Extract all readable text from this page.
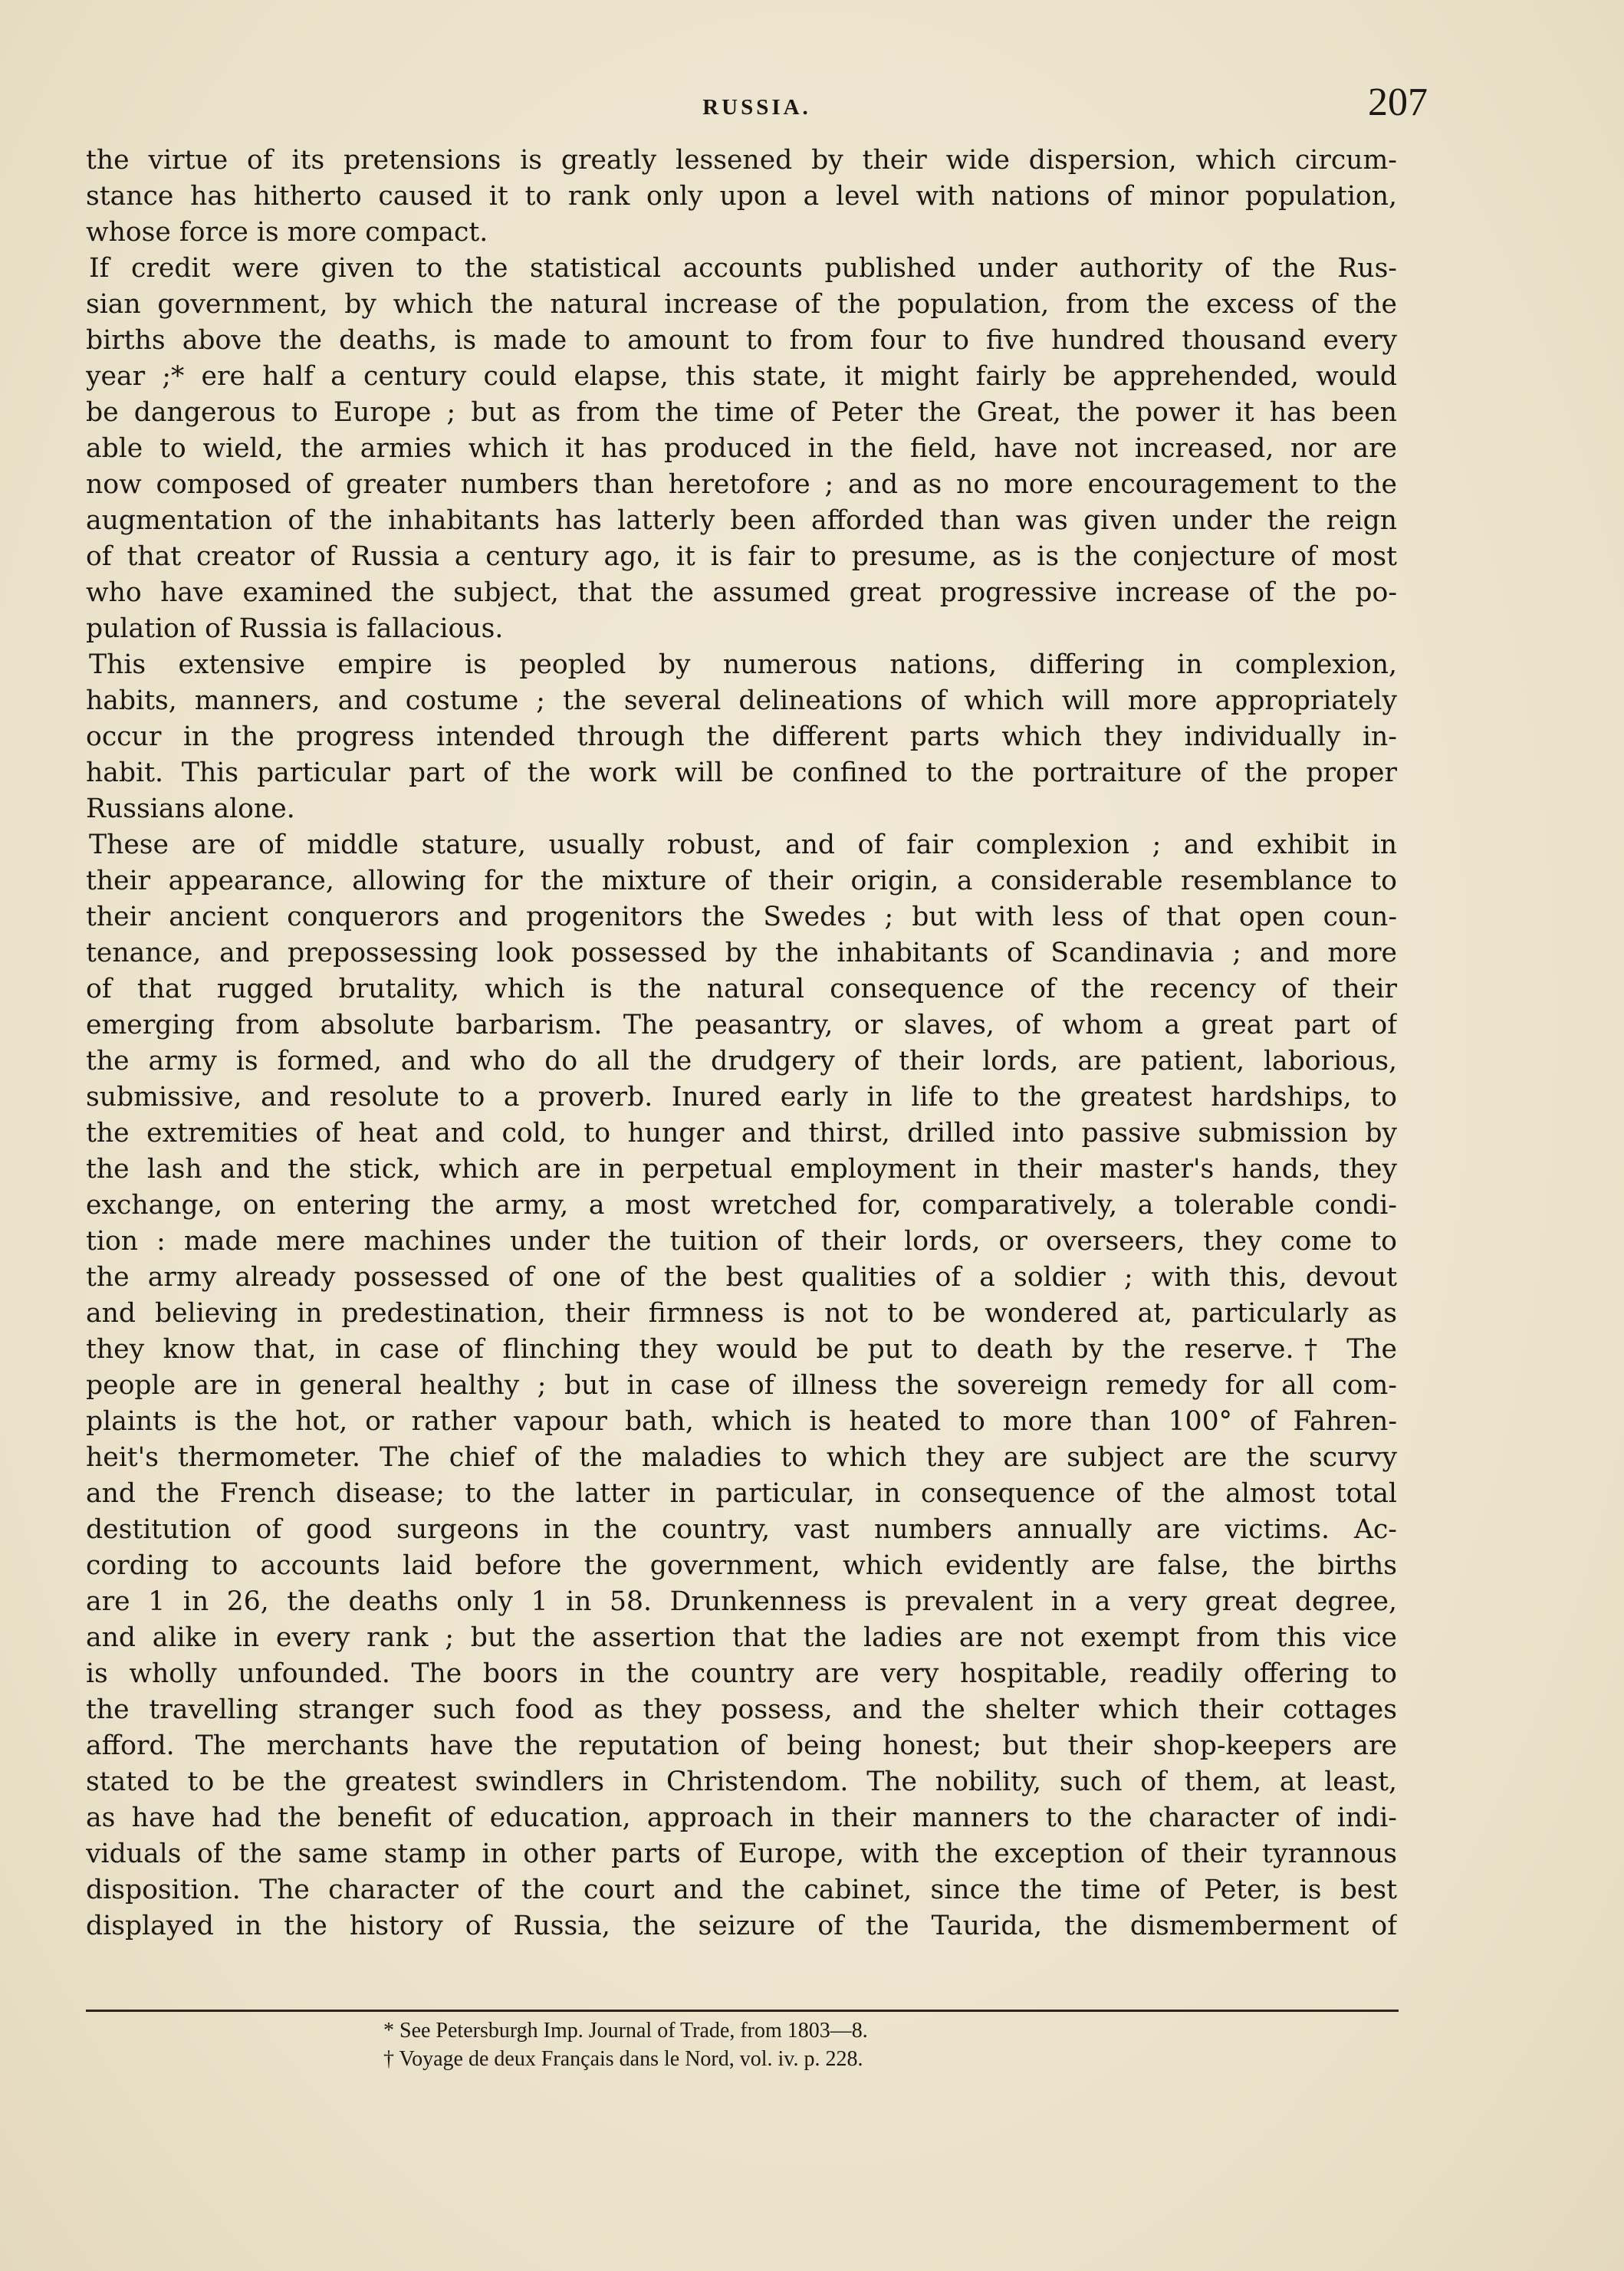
RUSSIA.	207
the virtue of its pretensions is greatly lessened by their wide dispersion, which circum-
stance has hitherto caused it to rank only upon a level with nations of minor population,
whose force is more compact.
If credit were given to the statistical accounts published under authority of the Rus-
sian government, by which the natural increase of the population, from the excess of the
births above the deaths, is made to amount to from four to five hundred thousand every
year ;* ere half a century could elapse, this state, it might fairly be apprehended, would
be dangerous to Europe ; but as from the time of Peter the Great, the power it has been
able to wield, the armies which it has produced in the field, have not increased, nor are
now composed of greater numbers than heretofore ; and as no more encouragement to the
augmentation of the inhabitants has latterly been afforded than was given under the reign
of that creator of Russia a century ago, it is fair to presume, as is the conjecture of most
who have examined the subject, that the assumed great progressive increase of the po-
pulation of Russia is fallacious.
This extensive empire is peopled by numerous nations, differing in complexion,
habits, manners, and costume ; the several delineations of which will more appropriately
occur in the progress intended through the different parts which they individually in-
habit. This particular part of the work will be confined to the portraiture of the proper
Russians alone.
These are of middle stature, usually robust, and of fair complexion ; and exhibit in
their appearance, allowing for the mixture of their origin, a considerable resemblance to
their ancient conquerors and progenitors the Swedes ; but with less of that open coun-
tenance, and prepossessing look possessed by the inhabitants of Scandinavia ; and more
of that rugged brutality, which is the natural consequence of the recency of their
emerging from absolute barbarism. The peasantry, or slaves, of whom a great part of
the army is formed, and who do all the drudgery of their lords, are patient, laborious,
submissive, and resolute to a proverb. Inured early in life to the greatest hardships, to
the extremities of heat and cold, to hunger and thirst, drilled into passive submission by
the lash and the stick, which are in perpetual employment in their master's hands, they
exchange, on entering the army, a most wretched for, comparatively, a tolerable condi-
tion : made mere machines under the tuition of their lords, or overseers, they come to
the army already possessed of one of the best qualities of a soldier ; with this, devout
and believing in predestination, their firmness is not to be wondered at, particularly as
they know that, in case of flinching they would be put to death by the reserve.† The
people are in general healthy ; but in case of illness the sovereign remedy for all com-
plaints is the hot, or rather vapour bath, which is heated to more than 100° of Fahren-
heit's thermometer. The chief of the maladies to which they are subject are the scurvy
and the French disease; to the latter in particular, in consequence of the almost total
destitution of good surgeons in the country, vast numbers annually are victims. Ac-
cording to accounts laid before the government, which evidently are false, the births
are 1 in 26, the deaths only 1 in 58. Drunkenness is prevalent in a very great degree,
and alike in every rank ; but the assertion that the ladies are not exempt from this vice
is wholly unfounded. The boors in the country are very hospitable, readily offering to
the travelling stranger such food as they possess, and the shelter which their cottages
afford. The merchants have the reputation of being honest; but their shop-keepers are
stated to be the greatest swindlers in Christendom. The nobility, such of them, at least,
as have had the benefit of education, approach in their manners to the character of indi-
viduals of the same stamp in other parts of Europe, with the exception of their tyrannous
disposition. The character of the court and the cabinet, since the time of Peter, is best
displayed in the history of Russia, the seizure of the Taurida, the dismemberment of
* See Petersburgh Imp. Journal of Trade, from 1803—8.
† Voyage de deux Français dans le Nord, vol. iv. p. 228.
